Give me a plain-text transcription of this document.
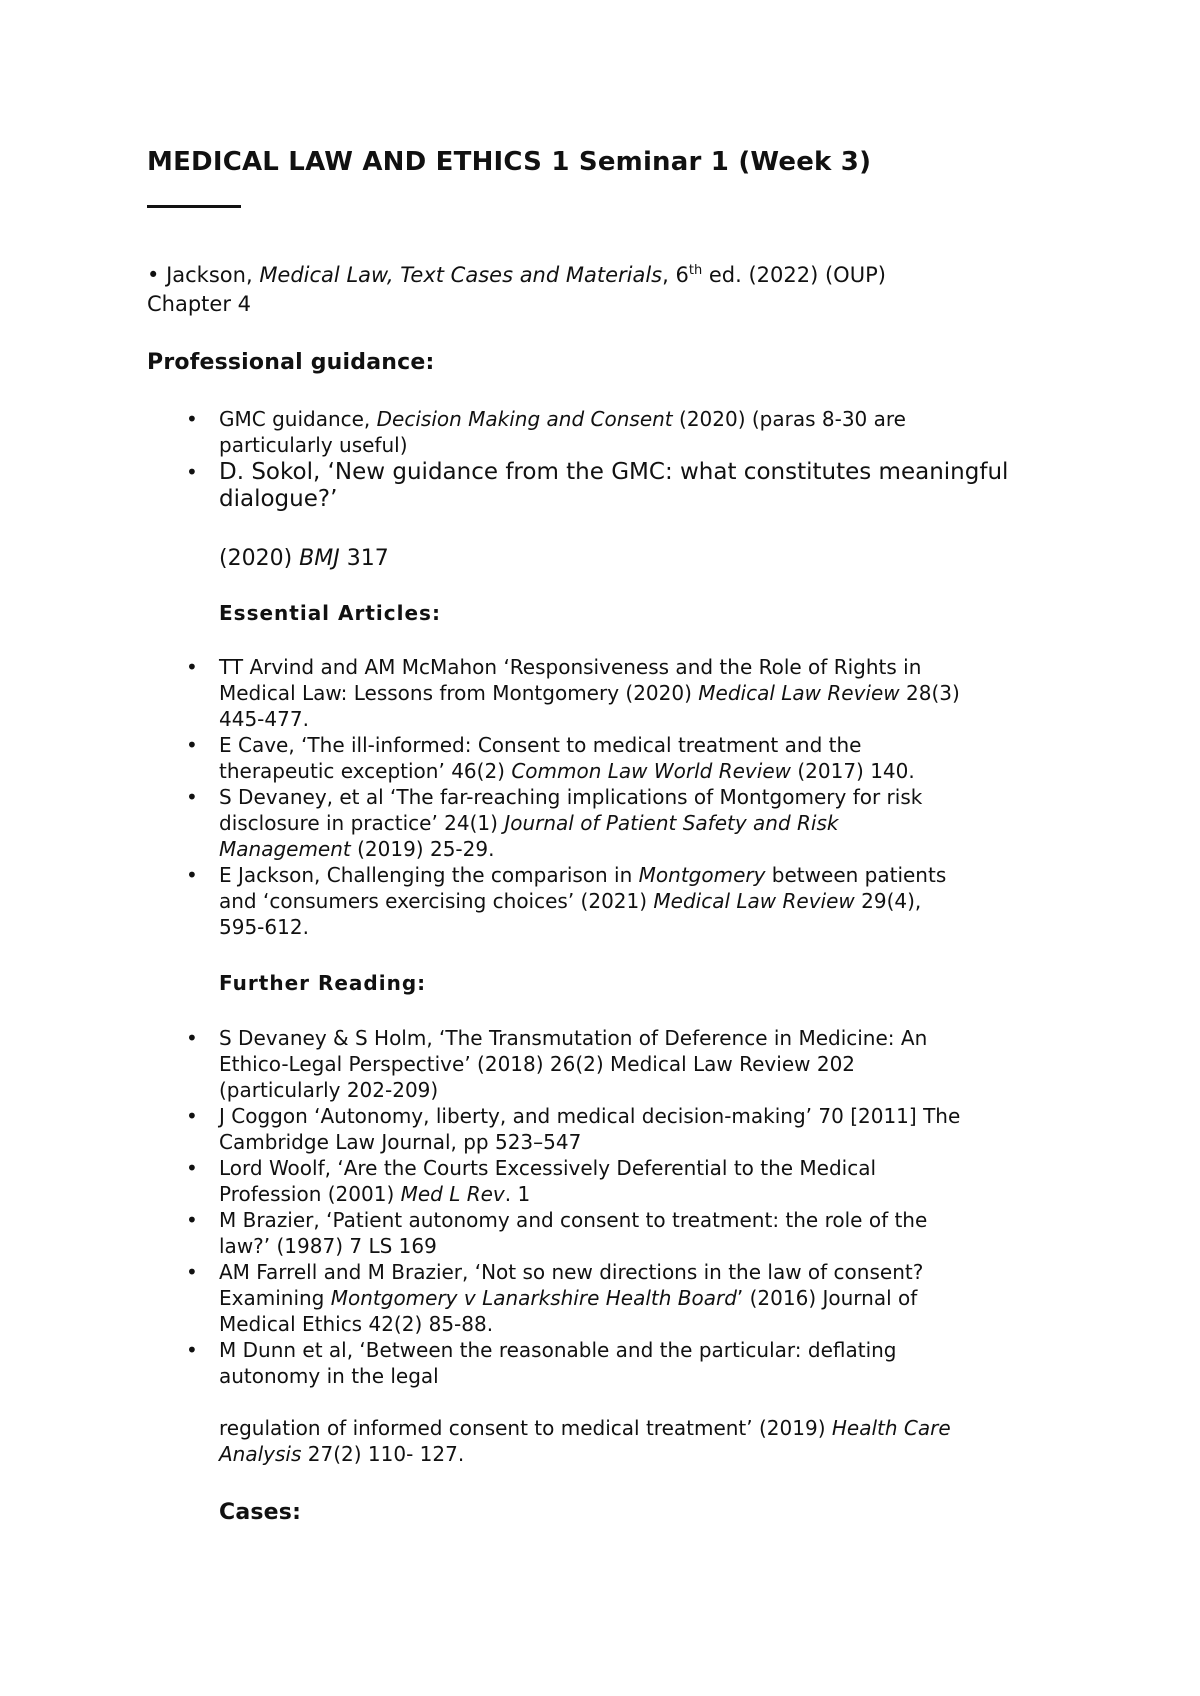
MEDICAL LAW AND ETHICS 1 Seminar 1 (Week 3)

• Jackson, Medical Law, Text Cases and Materials, 6th ed. (2022) (OUP)

Chapter 4

Professional guidance:
• GMC guidance, Decision Making and Consent (2020) (paras 8-30 are
particularly useful)
• D. Sokol, ‘New guidance from the GMC: what constitutes meaningful
dialogue?’

(2020) BMJ 317

Essential Articles:
• TT Arvind and AM McMahon ‘Responsiveness and the Role of Rights in
Medical Law: Lessons from Montgomery (2020) Medical Law Review 28(3)
445-477.
• E Cave, ‘The ill-informed: Consent to medical treatment and the
therapeutic exception’ 46(2) Common Law World Review (2017) 140.
• S Devaney, et al ‘The far-reaching implications of Montgomery for risk
disclosure in practice’ 24(1) Journal of Patient Safety and Risk
Management (2019) 25-29.
• E Jackson, Challenging the comparison in Montgomery between patients
and ‘consumers exercising choices’ (2021) Medical Law Review 29(4),
595-612.
Further Reading:
• S Devaney & S Holm, ‘The Transmutation of Deference in Medicine: An
Ethico-Legal Perspective’ (2018) 26(2) Medical Law Review 202
(particularly 202-209)
• J Coggon ‘Autonomy, liberty, and medical decision-making’ 70 [2011] The
Cambridge Law Journal, pp 523–547
• Lord Woolf, ‘Are the Courts Excessively Deferential to the Medical
Profession (2001) Med L Rev. 1
• M Brazier, ‘Patient autonomy and consent to treatment: the role of the
law?’ (1987) 7 LS 169
• AM Farrell and M Brazier, ‘Not so new directions in the law of consent?
Examining Montgomery v Lanarkshire Health Board’ (2016) Journal of
Medical Ethics 42(2) 85-88.
• M Dunn et al, ‘Between the reasonable and the particular: deflating
autonomy in the legal

regulation of informed consent to medical treatment’ (2019) Health Care
Analysis 27(2) 110- 127.

Cases:
